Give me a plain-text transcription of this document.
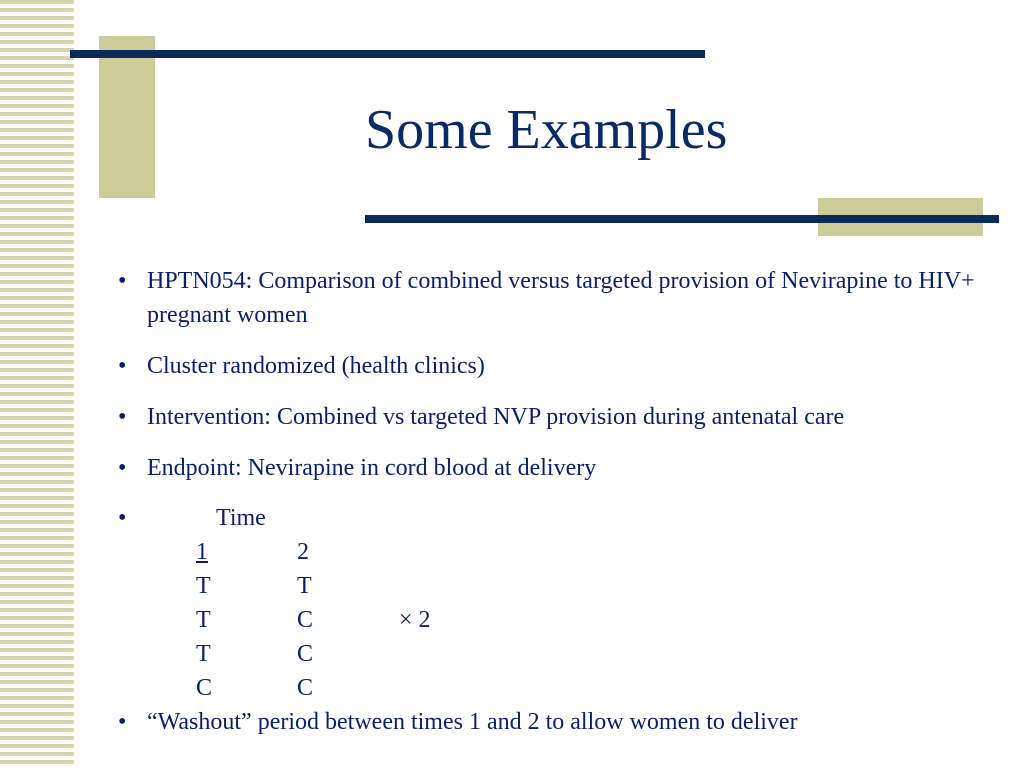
Some Examples
• HPTN054: Comparison of combined versus targeted provision of Nevirapine to HIV+ pregnant women
• Cluster randomized (health clinics)
• Intervention: Combined vs targeted NVP provision during antenatal care
• Endpoint: Nevirapine in cord blood at delivery
• Time
1	2
T	T
T	C	× 2
T	C
C	C
• “Washout” period between times 1 and 2 to allow women to deliver
